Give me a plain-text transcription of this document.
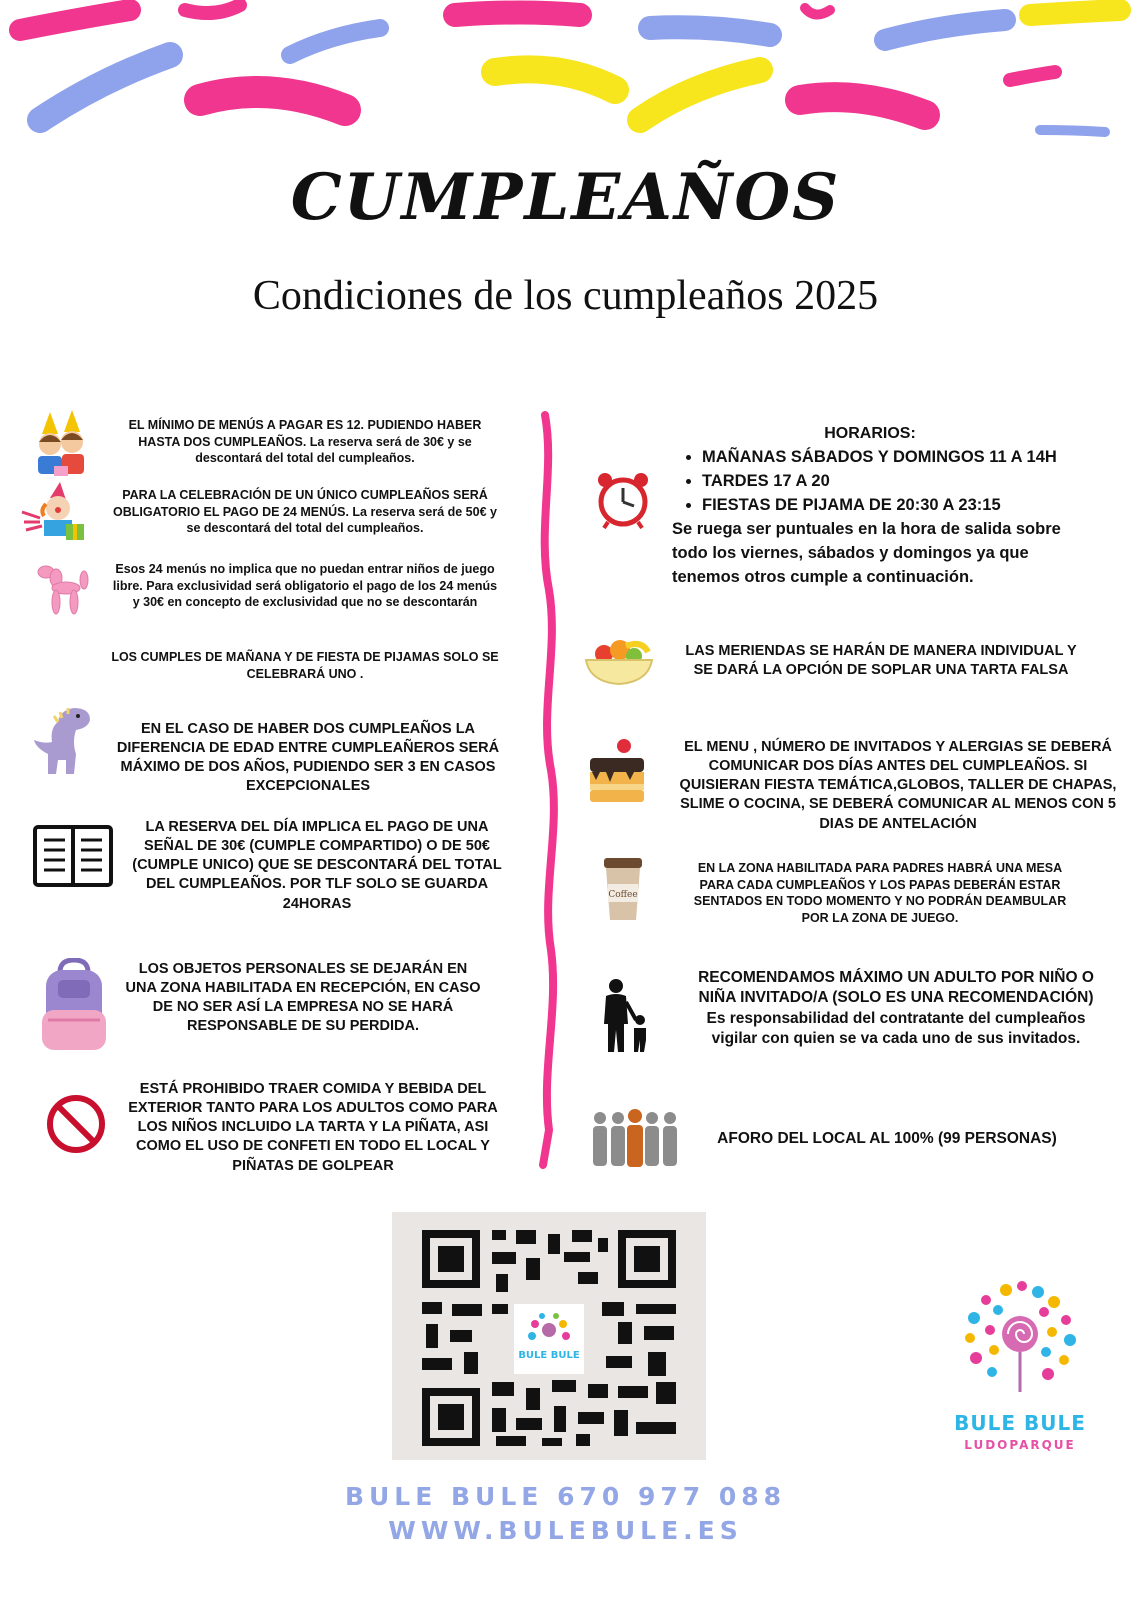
CUMPLEAÑOS
Condiciones de los cumpleaños 2025
EL MÍNIMO DE MENÚS A PAGAR ES 12. PUDIENDO HABER HASTA DOS CUMPLEAÑOS. La reserva será de 30€ y se descontará del total del cumpleaños.
PARA LA CELEBRACIÓN DE UN ÚNICO CUMPLEAÑOS SERÁ OBLIGATORIO EL PAGO DE 24 MENÚS. La reserva será de 50€ y se descontará del total del cumpleaños.
Esos 24 menús no implica que no puedan entrar niños de juego libre. Para exclusividad será obligatorio el pago de los 24 menús y 30€ en concepto de exclusividad que no se descontarán
LOS CUMPLES DE MAÑANA Y DE FIESTA DE PIJAMAS SOLO SE CELEBRARÁ UNO .
EN EL CASO DE HABER DOS CUMPLEAÑOS LA DIFERENCIA DE EDAD ENTRE CUMPLEAÑEROS SERÁ MÁXIMO DE DOS AÑOS, PUDIENDO SER 3 EN CASOS EXCEPCIONALES
LA RESERVA DEL DÍA IMPLICA EL PAGO DE UNA SEÑAL DE 30€ (CUMPLE COMPARTIDO) O DE 50€ (CUMPLE UNICO) QUE SE DESCONTARÁ DEL TOTAL DEL CUMPLEAÑOS. POR TLF SOLO SE GUARDA 24HORAS
LOS OBJETOS PERSONALES SE DEJARÁN EN UNA ZONA HABILITADA EN RECEPCIÓN, EN CASO DE NO SER ASÍ LA EMPRESA NO SE HARÁ RESPONSABLE DE SU PERDIDA.
ESTÁ PROHIBIDO TRAER COMIDA Y BEBIDA DEL EXTERIOR TANTO PARA LOS ADULTOS COMO PARA LOS NIÑOS INCLUIDO LA TARTA Y LA PIÑATA, ASI COMO EL USO DE CONFETI EN TODO EL LOCAL Y PIÑATAS DE GOLPEAR
HORARIOS:
• MAÑANAS SÁBADOS Y DOMINGOS 11 A 14H
• TARDES 17 A 20
• FIESTAS DE PIJAMA DE 20:30 A 23:15
Se ruega ser puntuales en la hora de salida sobre todo los viernes, sábados y domingos ya que tenemos otros cumple a continuación.
LAS MERIENDAS SE HARÁN DE MANERA INDIVIDUAL Y SE DARÁ LA OPCIÓN DE SOPLAR UNA TARTA FALSA
EL MENU , NÚMERO DE INVITADOS Y ALERGIAS SE DEBERÁ COMUNICAR DOS DÍAS ANTES DEL CUMPLEAÑOS. SI QUISIERAN FIESTA TEMÁTICA,GLOBOS, TALLER DE CHAPAS, SLIME O COCINA, SE DEBERÁ COMUNICAR AL MENOS CON 5 DIAS DE ANTELACIÓN
Coffee
EN LA ZONA HABILITADA PARA PADRES HABRÁ UNA MESA PARA CADA CUMPLEAÑOS Y LOS PAPAS DEBERÁN ESTAR SENTADOS EN TODO MOMENTO Y NO PODRÁN DEAMBULAR POR LA ZONA DE JUEGO.
RECOMENDAMOS MÁXIMO UN ADULTO POR NIÑO O NIÑA INVITADO/A (SOLO ES UNA RECOMENDACIÓN) Es responsabilidad del contratante del cumpleaños vigilar con quien se va cada uno de sus invitados.
AFORO DEL LOCAL AL 100% (99 PERSONAS)
BULE BULE
BULE BULE
LUDOPARQUE
BULE BULE 670 977 088
WWW.BULEBULE.ES
